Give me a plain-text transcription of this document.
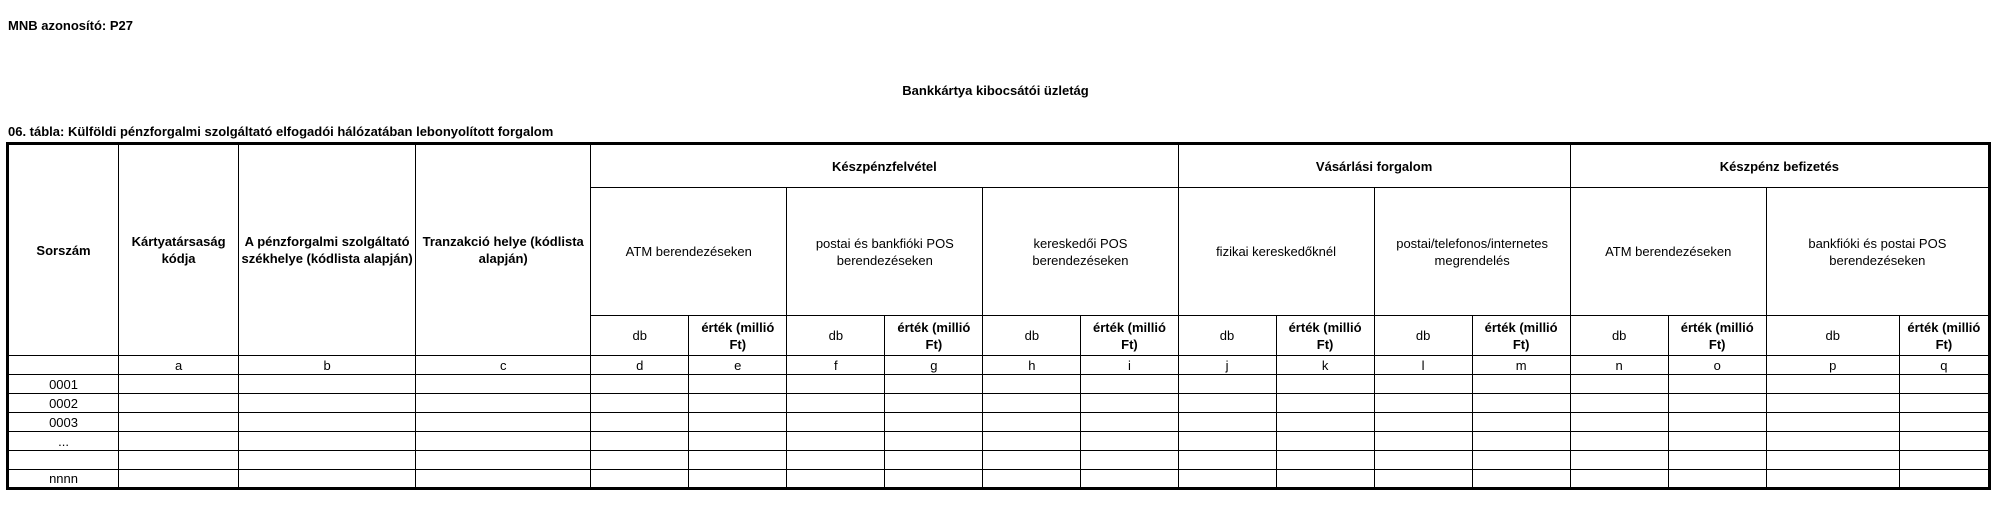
MNB azonosító: P27
Bankkártya kibocsátói üzletág
06. tábla: Külföldi pénzforgalmi szolgáltató elfogadói hálózatában lebonyolított forgalom
Sorszám	Kártyatársaság kódja	A pénzforgalmi szolgáltató székhelye (kódlista alapján)	Tranzakció helye (kódlista alapján)	Készpénzfelvétel						Vásárlási forgalom				Készpénz befizetés			
				ATM berendezéseken		postai és bankfióki POS berendezéseken		kereskedői POS berendezéseken		fizikai kereskedőknél		postai/telefonos/internetes megrendelés		ATM berendezéseken		bankfióki és postai POS berendezéseken	
				db	érték (millió Ft)	db	érték (millió Ft)	db	érték (millió Ft)	db	érték (millió Ft)	db	érték (millió Ft)	db	érték (millió Ft)	db	érték (millió Ft)
	a	b	c	d	e	f	g	h	i	j	k	l	m	n	o	p	q
0001																	
0002																	
0003																	
...																	

nnnn																	
